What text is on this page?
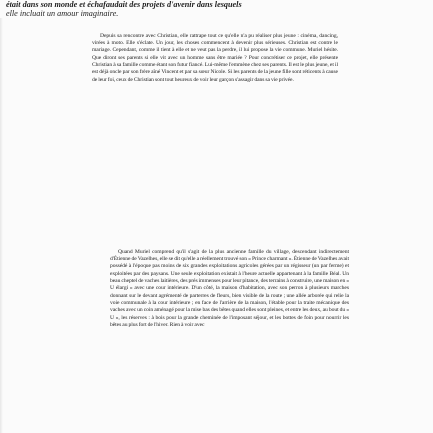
était dans son monde et échafaudait des projets d'avenir dans lesquels
elle incluait un amour imaginaire.

Depuis sa rencontre avec Christian, elle rattrape tout ce qu'elle n'a pu réaliser plus jeune : cinéma, dancing, virées à moto. Elle s'éclate. Un jour, les choses commencent à devenir plus sérieuses. Christian est contre le mariage. Cependant, comme il tient à elle et ne veut pas la perdre, il lui propose la vie commune. Muriel hésite. Que diront ses parents si elle vit avec un homme sans être mariée ? Pour concrétiser ce projet, elle présente Christian à sa famille comme étant son futur fiancé. Lui-même l'emmène chez ses parents. Il est le plus jeune, et il est déjà oncle par son frère aîné Vincent et par sa sœur Nicole. Si les parents de la jeune fille sont réticents à cause de leur foi, ceux de Christian sont tout heureux de voir leur garçon s'assagir dans sa vie privée.

Quand Muriel comprend qu'il s'agit de la plus ancienne famille du village, descendant indirectement d'Étienne de Vazelhes, elle se dit qu'elle a réellement trouvé son « Prince charmant ». Étienne de Vazelhes avait possédé à l'époque pas moins de six grandes exploitations agricoles gérées par un régisseur (un par ferme) et exploitées par des paysans. Une seule exploitation existait à l'heure actuelle appartenant à la famille Béal. Un beau cheptel de vaches laitières, des prés immenses pour leur pitance, des terrains à construire, une maison en « U élargi » avec une cour intérieure. D'un côté, la maison d'habitation, avec son perron à plusieurs marches donnant sur le devant agrémenté de parterres de fleurs, bien visible de la route ; une allée arborée qui relie la voie communale à la cour intérieure ; en face de l'arrière de la maison, l'étable pour la traite mécanique des vaches avec un coin aménagé pour la mise bas des bêtes quand elles sont pleines, et entre les deux, au bout du « U », les réserves : à bois pour la grande cheminée de l'imposant séjour, et les bottes de foin pour nourrir les bêtes au plus fort de l'hiver. Rien à voir avec
